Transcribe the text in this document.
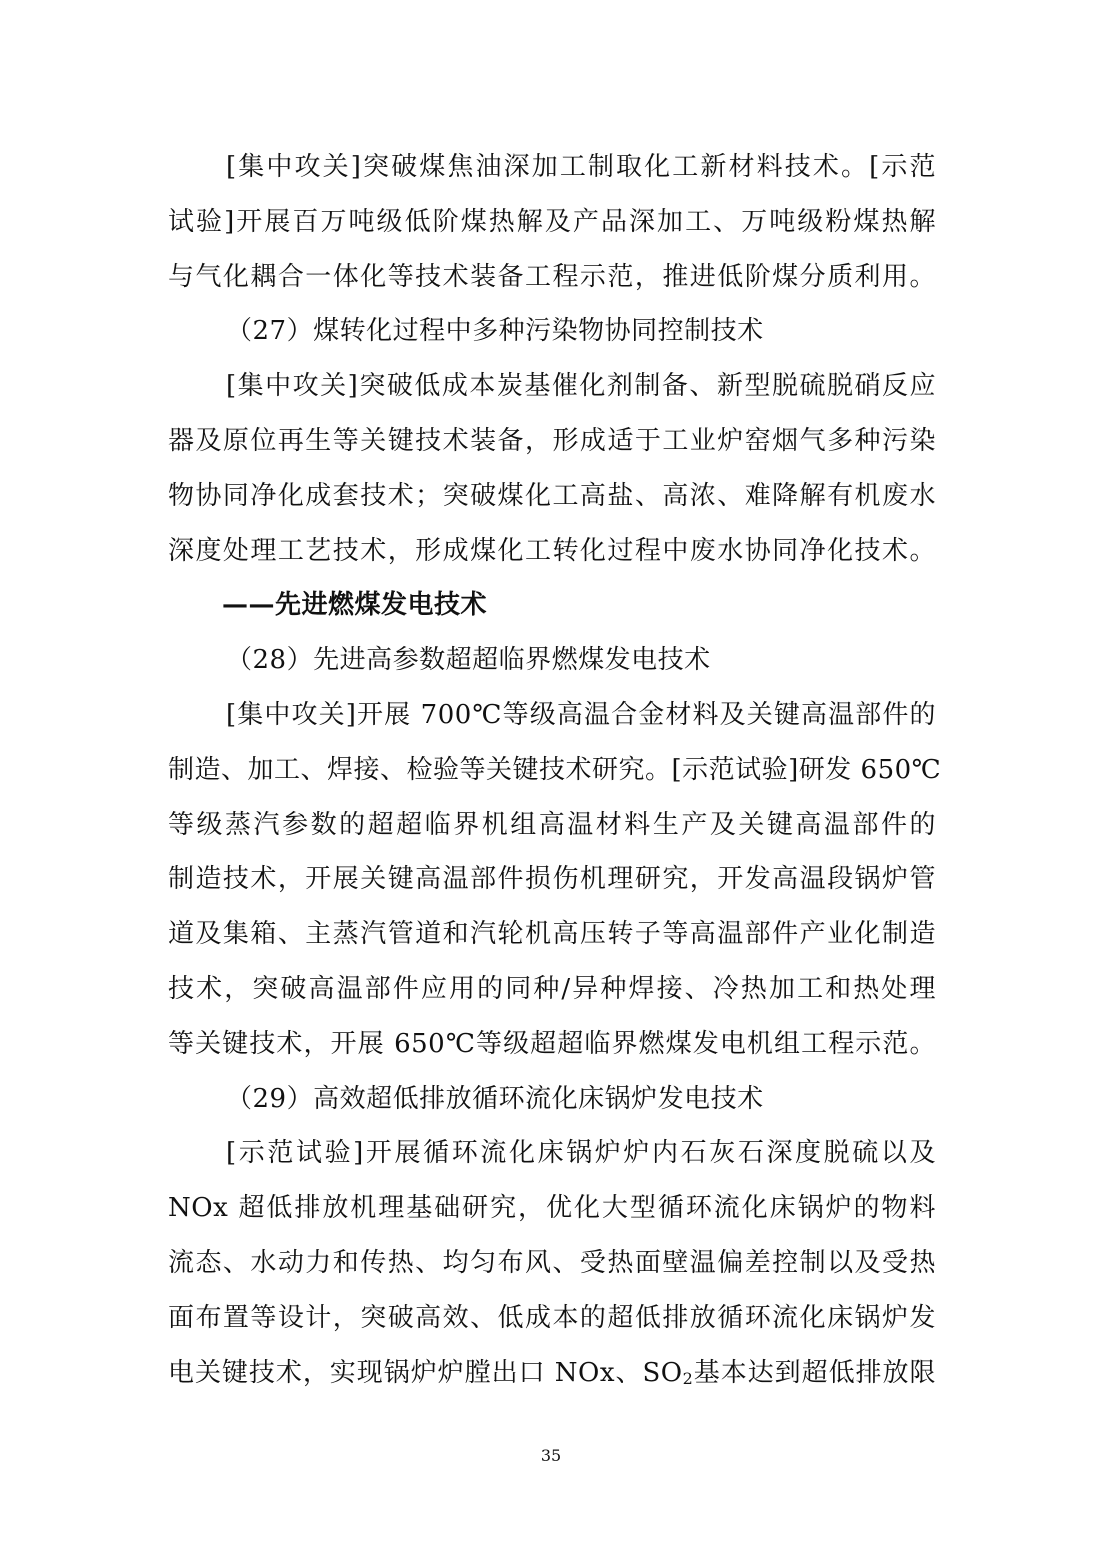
[集中攻关]突破煤焦油深加工制取化工新材料技术。[示范
试验]开展百万吨级低阶煤热解及产品深加工、万吨级粉煤热解
与气化耦合一体化等技术装备工程示范，推进低阶煤分质利用。
（27）煤转化过程中多种污染物协同控制技术
[集中攻关]突破低成本炭基催化剂制备、新型脱硫脱硝反应
器及原位再生等关键技术装备，形成适于工业炉窑烟气多种污染
物协同净化成套技术；突破煤化工高盐、高浓、难降解有机废水
深度处理工艺技术，形成煤化工转化过程中废水协同净化技术。
——先进燃煤发电技术
（28）先进高参数超超临界燃煤发电技术
[集中攻关]开展 700℃等级高温合金材料及关键高温部件的
制造、加工、焊接、检验等关键技术研究。[示范试验]研发 650℃
等级蒸汽参数的超超临界机组高温材料生产及关键高温部件的
制造技术，开展关键高温部件损伤机理研究，开发高温段锅炉管
道及集箱、主蒸汽管道和汽轮机高压转子等高温部件产业化制造
技术，突破高温部件应用的同种/异种焊接、冷热加工和热处理
等关键技术，开展 650℃等级超超临界燃煤发电机组工程示范。
（29）高效超低排放循环流化床锅炉发电技术
[示范试验]开展循环流化床锅炉炉内石灰石深度脱硫以及
NOx 超低排放机理基础研究，优化大型循环流化床锅炉的物料
流态、水动力和传热、均匀布风、受热面壁温偏差控制以及受热
面布置等设计，突破高效、低成本的超低排放循环流化床锅炉发
电关键技术，实现锅炉炉膛出口 NOx、$SO_2$基本达到超低排放限
35
